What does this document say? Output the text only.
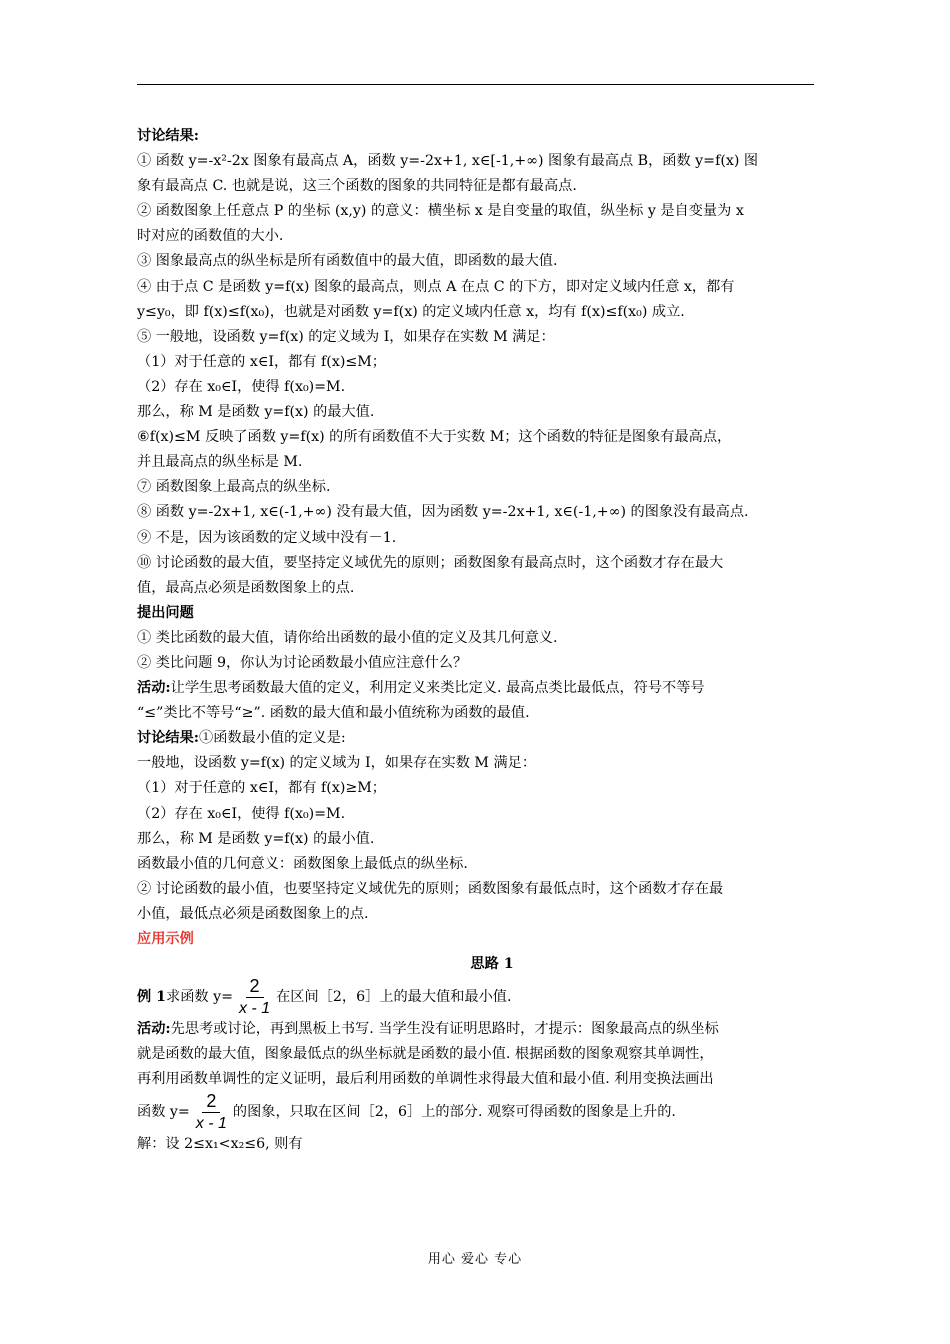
讨论结果:
① 函数 y=-x²-2x 图象有最高点 A，函数 y=-2x+1, x∈[-1,+∞) 图象有最高点 B，函数 y=f(x) 图
象有最高点 C. 也就是说，这三个函数的图象的共同特征是都有最高点.
② 函数图象上任意点 P 的坐标 (x,y) 的意义：横坐标 x 是自变量的取值，纵坐标 y 是自变量为 x
时对应的函数值的大小.
③ 图象最高点的纵坐标是所有函数值中的最大值，即函数的最大值.
④ 由于点 C 是函数 y=f(x) 图象的最高点，则点 A 在点 C 的下方，即对定义域内任意 x，都有
y≤y₀，即 f(x)≤f(x₀)，也就是对函数 y=f(x) 的定义域内任意 x，均有 f(x)≤f(x₀) 成立.
⑤ 一般地，设函数 y=f(x) 的定义域为 I，如果存在实数 M 满足：
（1）对于任意的 x∈I，都有 f(x)≤M；
（2）存在 x₀∈I，使得 f(x₀)=M.
那么，称 M 是函数 y=f(x) 的最大值.
⑥f(x)≤M 反映了函数 y=f(x) 的所有函数值不大于实数 M；这个函数的特征是图象有最高点，
并且最高点的纵坐标是 M.
⑦ 函数图象上最高点的纵坐标.
⑧ 函数 y=-2x+1, x∈(-1,+∞) 没有最大值，因为函数 y=-2x+1, x∈(-1,+∞) 的图象没有最高点.
⑨ 不是，因为该函数的定义域中没有－1.
⑩ 讨论函数的最大值，要坚持定义域优先的原则；函数图象有最高点时，这个函数才存在最大
值，最高点必须是函数图象上的点.
提出问题
① 类比函数的最大值，请你给出函数的最小值的定义及其几何意义.
② 类比问题 9，你认为讨论函数最小值应注意什么？
活动:让学生思考函数最大值的定义，利用定义来类比定义. 最高点类比最低点，符号不等号
“≤”类比不等号“≥”. 函数的最大值和最小值统称为函数的最值.
讨论结果:①函数最小值的定义是:
一般地，设函数 y=f(x) 的定义域为 I，如果存在实数 M 满足：
（1）对于任意的 x∈I，都有 f(x)≥M；
（2）存在 x₀∈I，使得 f(x₀)=M.
那么，称 M 是函数 y=f(x) 的最小值.
函数最小值的几何意义：函数图象上最低点的纵坐标.
② 讨论函数的最小值，也要坚持定义域优先的原则；函数图象有最低点时，这个函数才存在最
小值，最低点必须是函数图象上的点.
应用示例
思路 1
例 1 求函数 $y= \frac{2}{x - 1}$ 在区间［2，6］上的最大值和最小值.
活动:先思考或讨论，再到黑板上书写. 当学生没有证明思路时，才提示：图象最高点的纵坐标
就是函数的最大值，图象最低点的纵坐标就是函数的最小值. 根据函数的图象观察其单调性，
再利用函数单调性的定义证明，最后利用函数的单调性求得最大值和最小值. 利用变换法画出
函数 $y= \frac{2}{x - 1}$ 的图象，只取在区间［2，6］上的部分. 观察可得函数的图象是上升的.
解：设 2≤x₁<x₂≤6, 则有
用心 爱心 专心
